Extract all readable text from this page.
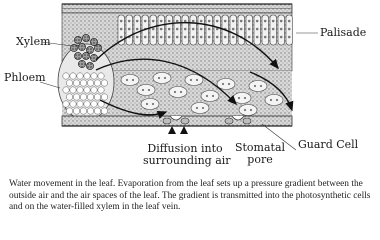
Xylem
Phloem
Palisade
Diffusion into
surrounding air
Stomatal
pore
Guard Cell

Water movement in the leaf. Evaporation from the leaf sets up a pressure gradient between the outside air and the air spaces of the leaf. The gradient is transmitted into the photosynthetic cells and on the water-filled xylem in the leaf vein.
